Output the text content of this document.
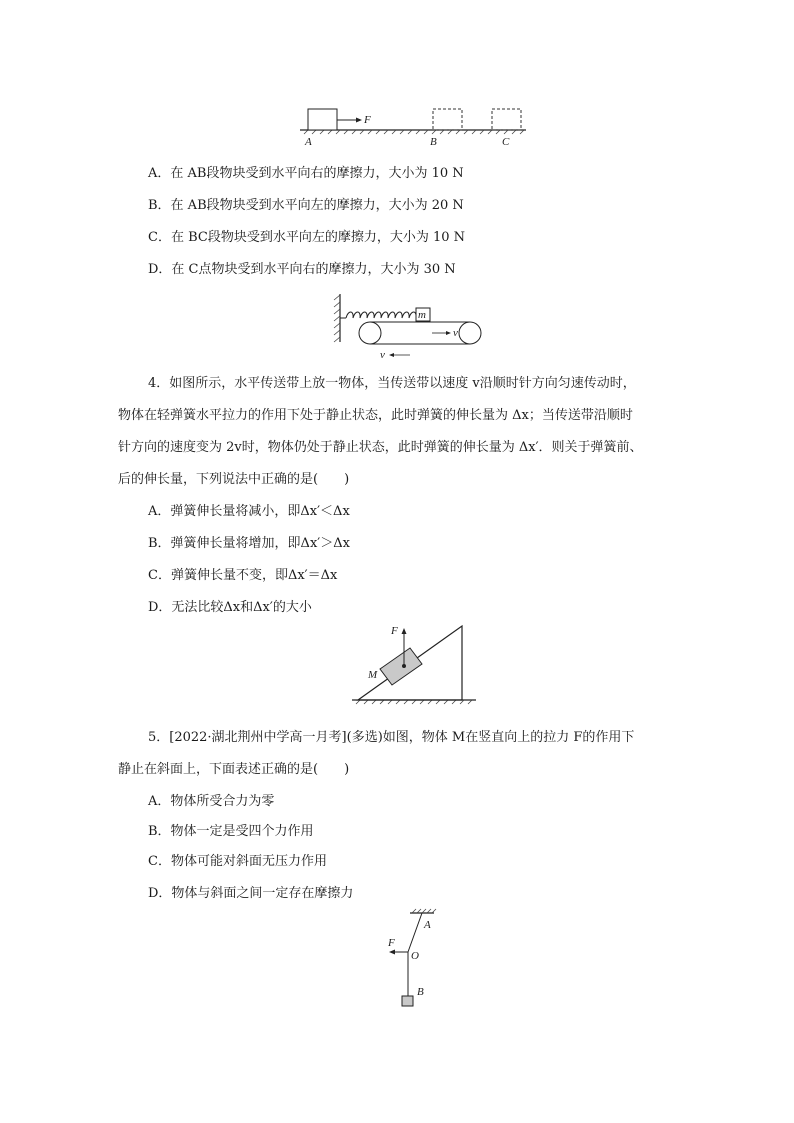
F
A	B	C
A．在 AB段物块受到水平向右的摩擦力，大小为 10 N
B．在 AB段物块受到水平向左的摩擦力，大小为 20 N
C．在 BC段物块受到水平向左的摩擦力，大小为 10 N
D．在 C点物块受到水平向右的摩擦力，大小为 30 N
m
v
v
4．如图所示，水平传送带上放一物体，当传送带以速度 v沿顺时针方向匀速传动时，
物体在轻弹簧水平拉力的作用下处于静止状态，此时弹簧的伸长量为 Δx；当传送带沿顺时
针方向的速度变为 2v时，物体仍处于静止状态，此时弹簧的伸长量为 Δx′．则关于弹簧前、
后的伸长量，下列说法中正确的是(　　)
A．弹簧伸长量将减小，即Δx′＜Δx
B．弹簧伸长量将增加，即Δx′＞Δx
C．弹簧伸长量不变，即Δx′＝Δx
D．无法比较Δx和Δx′的大小
F
M
5．[2022·湖北荆州中学高一月考](多选)如图，物体 M在竖直向上的拉力 F的作用下
静止在斜面上，下面表述正确的是(　　)
A．物体所受合力为零
B．物体一定是受四个力作用
C．物体可能对斜面无压力作用
D．物体与斜面之间一定存在摩擦力
A
F
O
B
